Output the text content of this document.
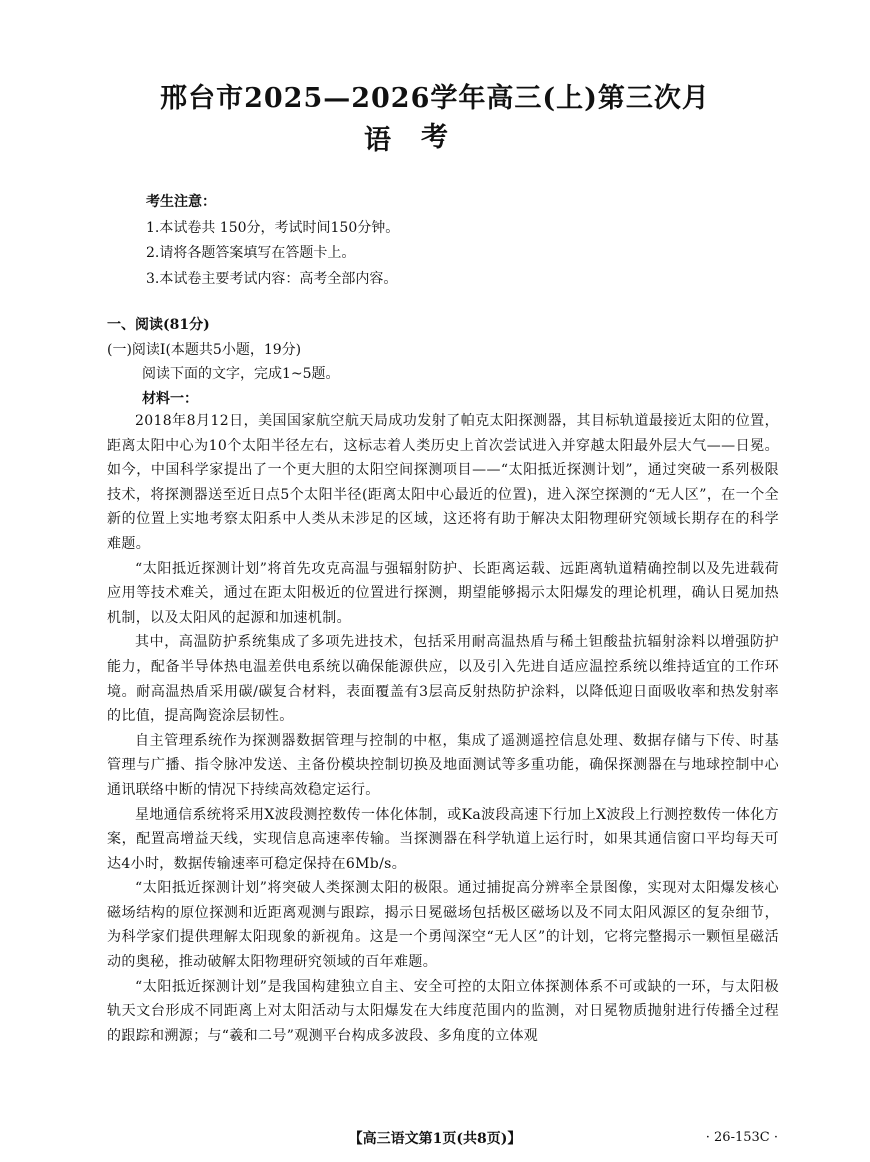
邢台市2025—2026学年高三(上)第三次月考
语
考生注意：
1.本试卷共 150分，考试时间150分钟。
2.请将各题答案填写在答题卡上。
3.本试卷主要考试内容：高考全部内容。
一、阅读(81分)
(一)阅读Ⅰ(本题共5小题，19分)
阅读下面的文字，完成1~5题。
材料一：

2018年8月12日，美国国家航空航天局成功发射了帕克太阳探测器，其目标轨道最接近太阳的位置，距离太阳中心为10个太阳半径左右，这标志着人类历史上首次尝试进入并穿越太阳最外层大气——日冕。如今，中国科学家提出了一个更大胆的太阳空间探测项目——“太阳抵近探测计划”，通过突破一系列极限技术，将探测器送至近日点5个太阳半径(距离太阳中心最近的位置)，进入深空探测的“无人区”，在一个全新的位置上实地考察太阳系中人类从未涉足的区域，这还将有助于解决太阳物理研究领域长期存在的科学难题。

“太阳抵近探测计划”将首先攻克高温与强辐射防护、长距离运载、远距离轨道精确控制以及先进载荷应用等技术难关，通过在距太阳极近的位置进行探测，期望能够揭示太阳爆发的理论机理，确认日冕加热机制，以及太阳风的起源和加速机制。

其中，高温防护系统集成了多项先进技术，包括采用耐高温热盾与稀土钽酸盐抗辐射涂料以增强防护能力，配备半导体热电温差供电系统以确保能源供应，以及引入先进自适应温控系统以维持适宜的工作环境。耐高温热盾采用碳/碳复合材料，表面覆盖有3层高反射热防护涂料，以降低迎日面吸收率和热发射率的比值，提高陶瓷涂层韧性。

自主管理系统作为探测器数据管理与控制的中枢，集成了遥测遥控信息处理、数据存储与下传、时基管理与广播、指令脉冲发送、主备份模块控制切换及地面测试等多重功能，确保探测器在与地球控制中心通讯联络中断的情况下持续高效稳定运行。

星地通信系统将采用X波段测控数传一体化体制，或Ka波段高速下行加上X波段上行测控数传一体化方案，配置高增益天线，实现信息高速率传输。当探测器在科学轨道上运行时，如果其通信窗口平均每天可达4小时，数据传输速率可稳定保持在6Mb/s。

“太阳抵近探测计划”将突破人类探测太阳的极限。通过捕捉高分辨率全景图像，实现对太阳爆发核心磁场结构的原位探测和近距离观测与跟踪，揭示日冕磁场包括极区磁场以及不同太阳风源区的复杂细节，为科学家们提供理解太阳现象的新视角。这是一个勇闯深空“无人区”的计划，它将完整揭示一颗恒星磁活动的奥秘，推动破解太阳物理研究领域的百年难题。

“太阳抵近探测计划”是我国构建独立自主、安全可控的太阳立体探测体系不可或缺的一环，与太阳极轨天文台形成不同距离上对太阳活动与太阳爆发在大纬度范围内的监测，对日冕物质抛射进行传播全过程的跟踪和溯源；与“羲和二号”观测平台构成多波段、多角度的立体观

【高三语文第1页(共8页)】	· 26-153C ·
